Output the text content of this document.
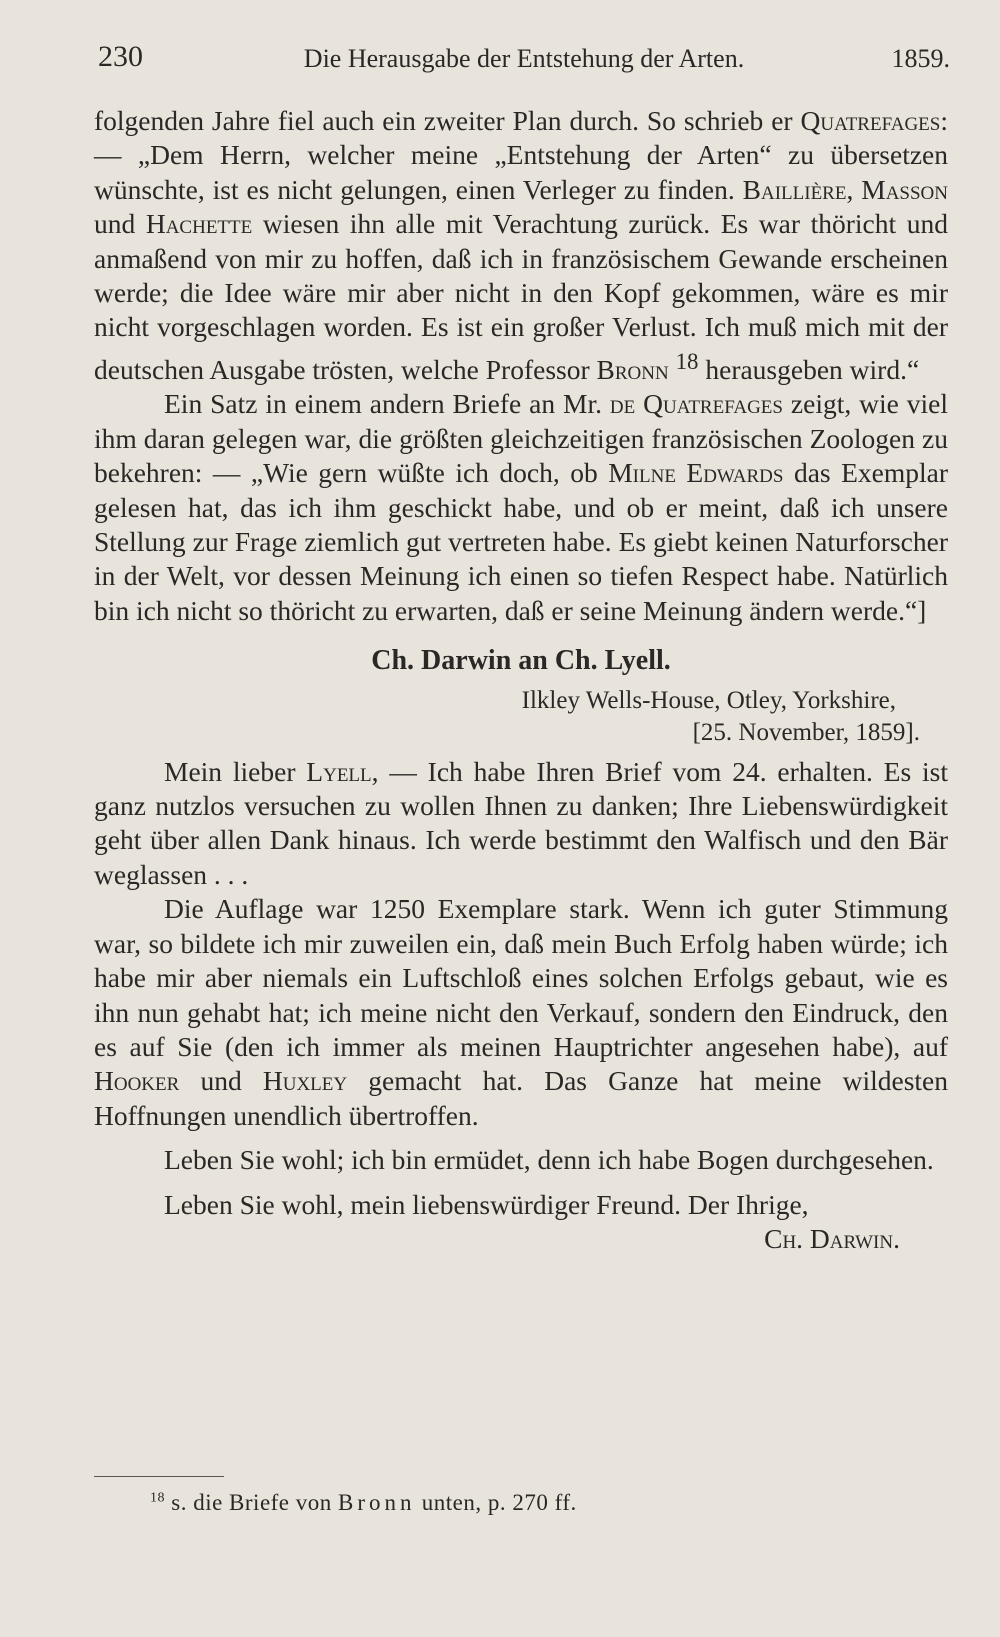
230	Die Herausgabe der Entstehung der Arten.	1859.

folgenden Jahre fiel auch ein zweiter Plan durch. So schrieb er Quatrefages: — „Dem Herrn, welcher meine „Entstehung der Arten“ zu übersetzen wünschte, ist es nicht gelungen, einen Verleger zu finden. Baillière, Masson und Hachette wiesen ihn alle mit Verachtung zurück. Es war thöricht und anmaßend von mir zu hoffen, daß ich in französischem Gewande erscheinen werde; die Idee wäre mir aber nicht in den Kopf gekommen, wäre es mir nicht vorgeschlagen worden. Es ist ein großer Verlust. Ich muß mich mit der deutschen Ausgabe trösten, welche Professor Bronn $^{18}$ herausgeben wird.“

Ein Satz in einem andern Briefe an Mr. de Quatrefages zeigt, wie viel ihm daran gelegen war, die größten gleichzeitigen französischen Zoologen zu bekehren: — „Wie gern wüßte ich doch, ob Milne Edwards das Exemplar gelesen hat, das ich ihm geschickt habe, und ob er meint, daß ich unsere Stellung zur Frage ziemlich gut vertreten habe. Es giebt keinen Naturforscher in der Welt, vor dessen Meinung ich einen so tiefen Respect habe. Natürlich bin ich nicht so thöricht zu erwarten, daß er seine Meinung ändern werde.“]

Ch. Darwin an Ch. Lyell.
Ilkley Wells-House, Otley, Yorkshire,
[25. November, 1859].

Mein lieber Lyell, — Ich habe Ihren Brief vom 24. erhalten. Es ist ganz nutzlos versuchen zu wollen Ihnen zu danken; Ihre Liebenswürdigkeit geht über allen Dank hinaus. Ich werde bestimmt den Walfisch und den Bär weglassen . . .

Die Auflage war 1250 Exemplare stark. Wenn ich guter Stimmung war, so bildete ich mir zuweilen ein, daß mein Buch Erfolg haben würde; ich habe mir aber niemals ein Luftschloß eines solchen Erfolgs gebaut, wie es ihn nun gehabt hat; ich meine nicht den Verkauf, sondern den Eindruck, den es auf Sie (den ich immer als meinen Hauptrichter angesehen habe), auf Hooker und Huxley gemacht hat. Das Ganze hat meine wildesten Hoffnungen unendlich übertroffen.

Leben Sie wohl; ich bin ermüdet, denn ich habe Bogen durchgesehen.

Leben Sie wohl, mein liebenswürdiger Freund. Der Ihrige,

Ch. Darwin.
$^{18}$ s. die Briefe von Bronn unten, p. 270 ff.
